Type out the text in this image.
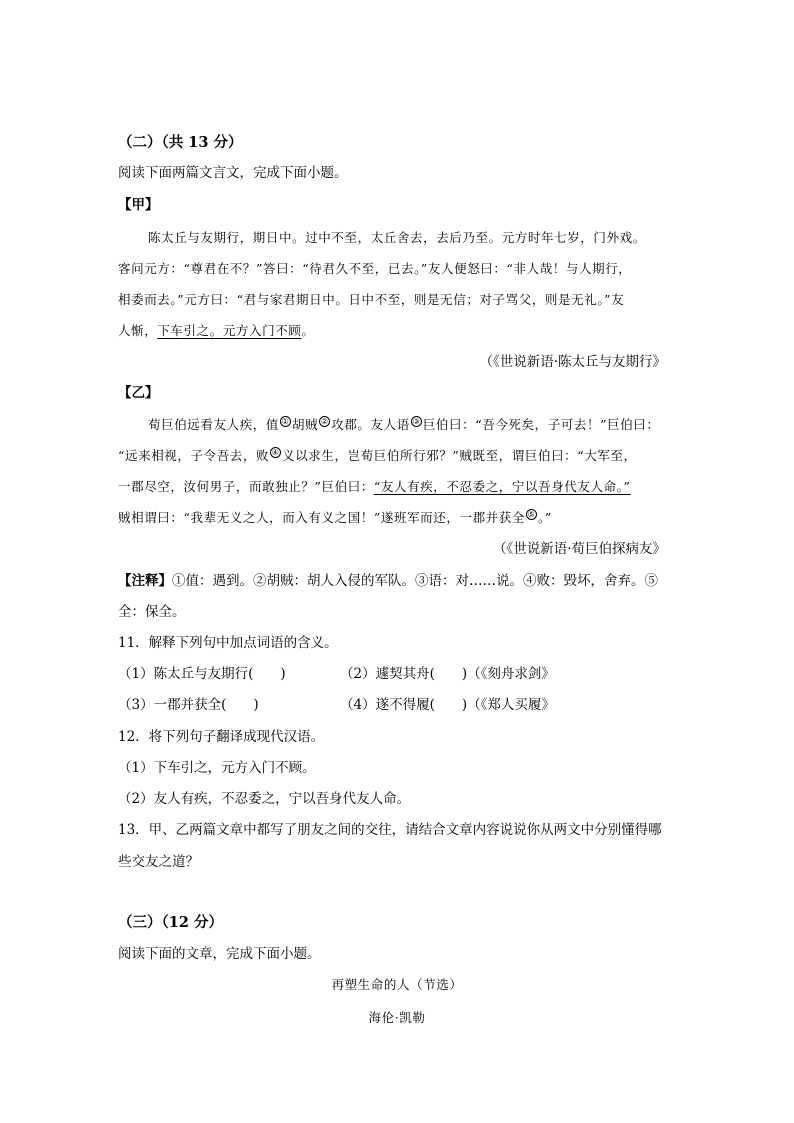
（二）（共 13 分）
阅读下面两篇文言文，完成下面小题。
【甲】
陈太丘与友期行，期日中。过中不至，太丘舍去，去后乃至。元方时年七岁，门外戏。
客问元方：“尊君在不？”答曰：“待君久不至，已去。”友人便怒曰：“非人哉！与人期行，
相委而去。”元方曰：“君与家君期日中。日中不至，则是无信；对子骂父，则是无礼。”友
人惭，下车引之。元方入门不顾。
（《世说新语·陈太丘与友期行》
【乙】
荀巨伯远看友人疾，值 ① 胡贼 ② 攻郡。友人语 ③ 巨伯曰：“吾今死矣，子可去！”巨伯曰：
“远来相视，子令吾去，败 ④ 义以求生，岂荀巨伯所行邪？”贼既至，谓巨伯曰：“大军至，
一郡尽空，汝何男子，而敢独止？”巨伯曰：“友人有疾，不忍委之，宁以吾身代友人命。”
贼相谓曰：“我辈无义之人，而入有义之国！”遂班军而还，一郡并获全 ⑤ 。”
（《世说新语·荀巨伯探病友》
【注释】①值：遇到。②胡贼：胡人入侵的军队。③语：对……说。④败：毁坏，舍弃。⑤
全：保全。
11．解释下列句中加点词语的含义。
（1）陈太丘与友期行(　　)	（2）遽契其舟(　　)（《刻舟求剑》
（3）一郡并获全(　　)	（4）遂不得履(　　)（《郑人买履》
12．将下列句子翻译成现代汉语。
（1）下车引之，元方入门不顾。
（2）友人有疾，不忍委之，宁以吾身代友人命。
13．甲、乙两篇文章中都写了朋友之间的交往，请结合文章内容说说你从两文中分别懂得哪
些交友之道？
（三）（12 分）
阅读下面的文章，完成下面小题。
再塑生命的人（节选）
海伦·凯勒
